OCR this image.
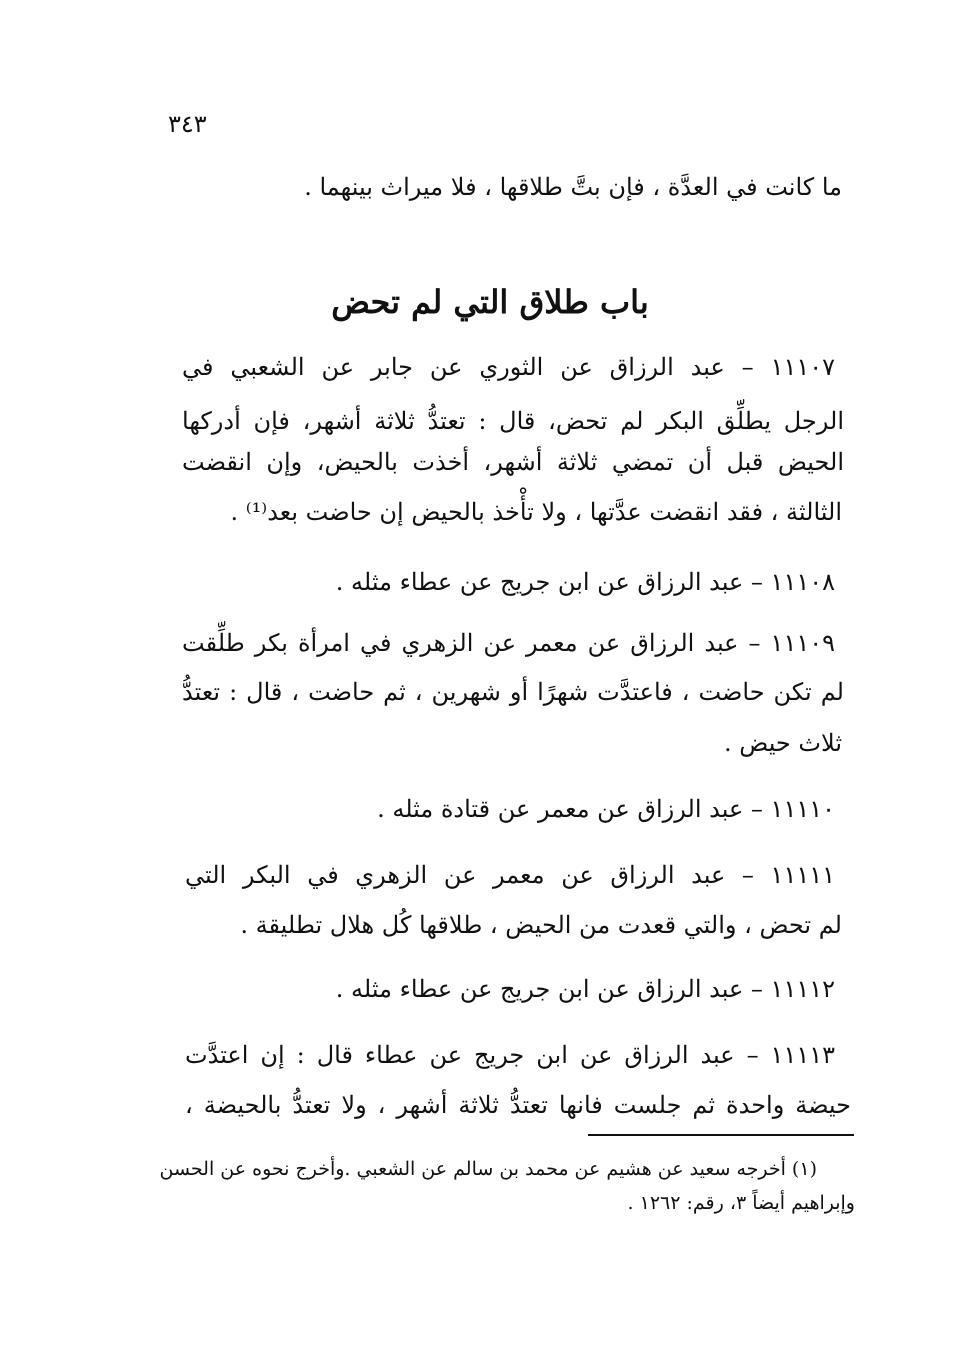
٣٤٣
ما كانت في العدَّة ، فإن بتَّ طلاقها ، فلا ميراث بينهما .
باب طلاق التي لم تحض
١١١٠٧ – عبد الرزاق عن الثوري عن جابر عن الشعبي في
الرجل يطلِّق البكر لم تحض، قال : تعتدُّ ثلاثة أشهر، فإن أدركها
الحيض قبل أن تمضي ثلاثة أشهر، أخذت بالحيض، وإن انقضت
الثالثة ، فقد انقضت عدَّتها ، ولا تأْخذ بالحيض إن حاضت بعد⁽¹⁾ .
١١١٠٨ – عبد الرزاق عن ابن جريج عن عطاء مثله .
١١١٠٩ – عبد الرزاق عن معمر عن الزهري في امرأة بكر طلِّقت
لم تكن حاضت ، فاعتدَّت شهرًا أو شهرين ، ثم حاضت ، قال : تعتدُّ
ثلاث حيض .
١١١١٠ – عبد الرزاق عن معمر عن قتادة مثله .
١١١١١ – عبد الرزاق عن معمر عن الزهري في البكر التي
لم تحض ، والتي قعدت من الحيض ، طلاقها كُل هلال تطليقة .
١١١١٢ – عبد الرزاق عن ابن جريج عن عطاء مثله .
١١١١٣ – عبد الرزاق عن ابن جريج عن عطاء قال : إن اعتدَّت
حيضة واحدة ثم جلست فانها تعتدُّ ثلاثة أشهر ، ولا تعتدُّ بالحيضة ،
(١) أخرجه سعيد عن هشيم عن محمد بن سالم عن الشعبي .وأخرج نحوه عن الحسن
وإبراهيم أيضاً ٣، رقم: ١٢٦٢ .
